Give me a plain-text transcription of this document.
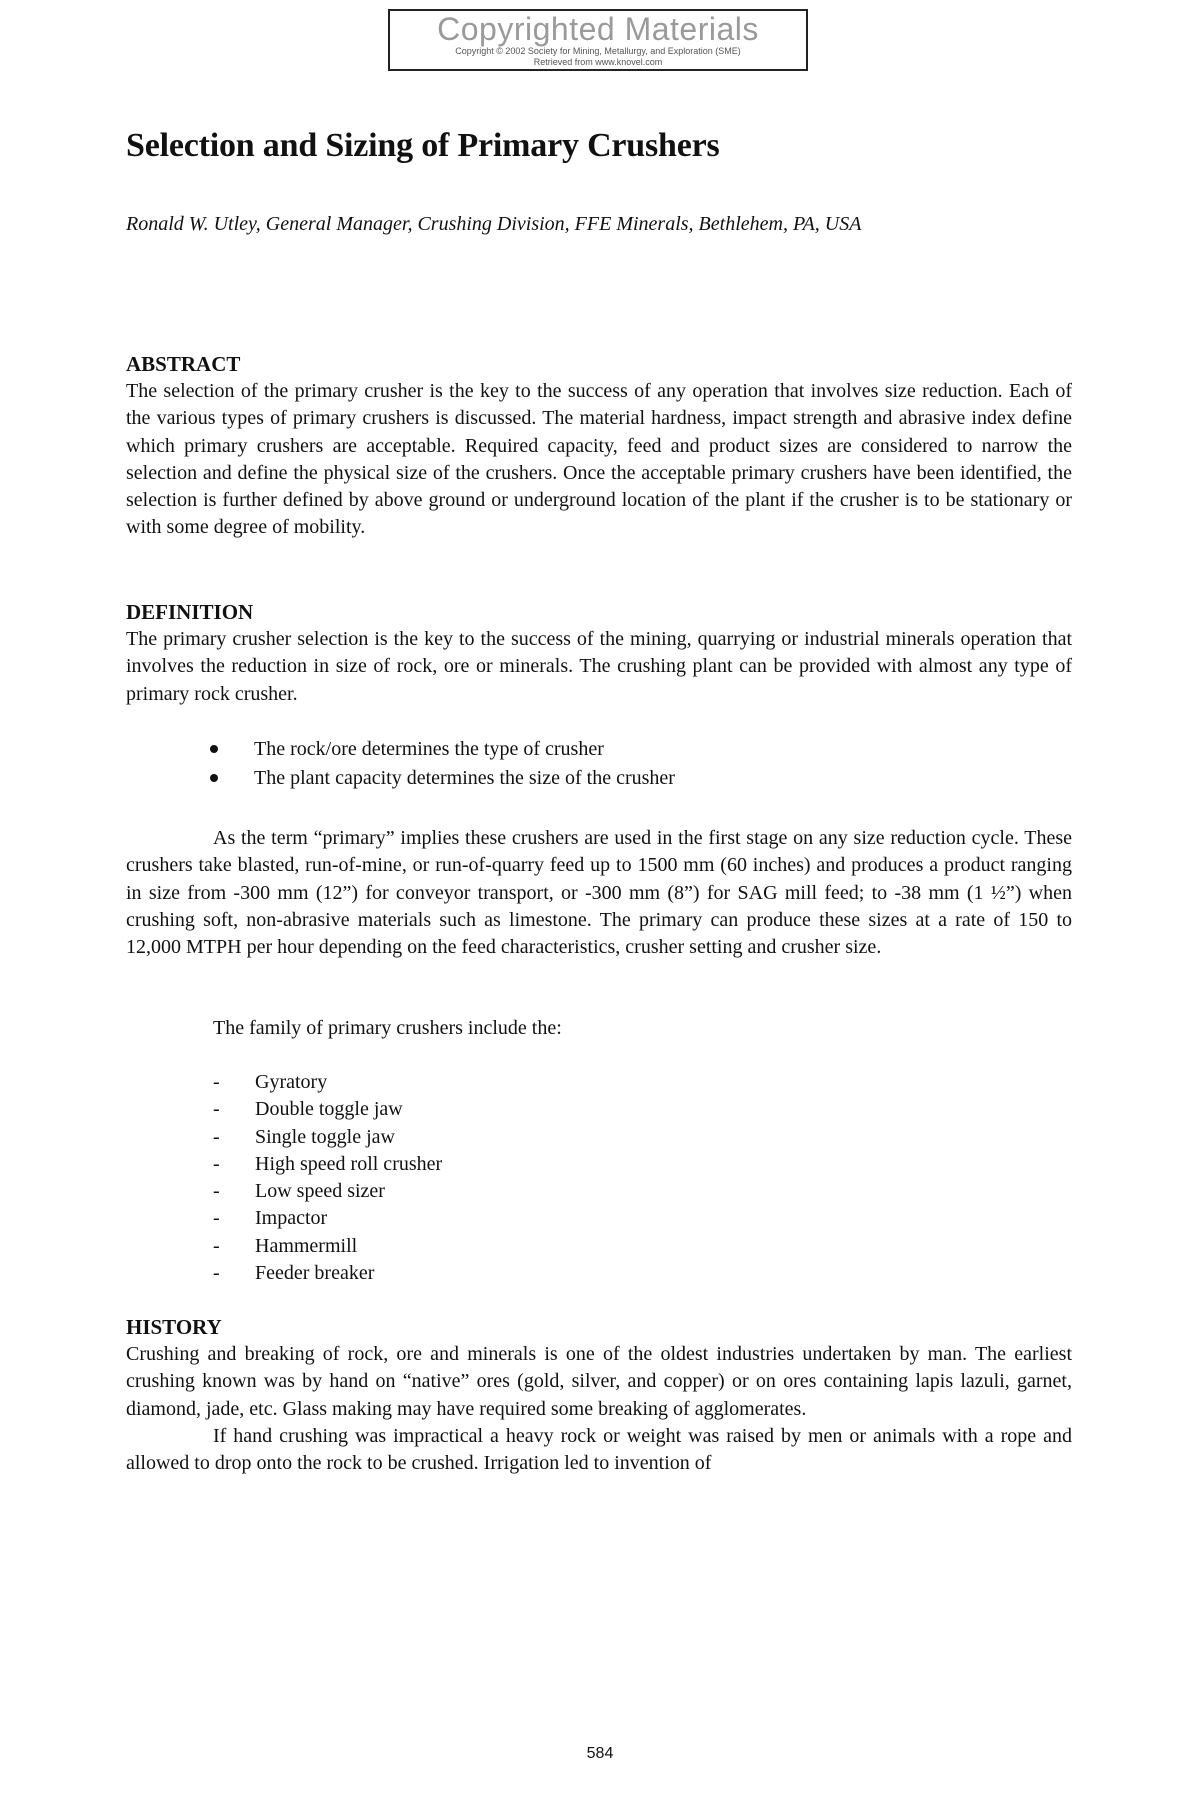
Copyrighted Materials
Copyright © 2002 Society for Mining, Metallurgy, and Exploration (SME)
Retrieved from www.knovel.com
Selection and Sizing of Primary Crushers
Ronald W. Utley, General Manager, Crushing Division, FFE Minerals, Bethlehem, PA, USA
ABSTRACT

The selection of the primary crusher is the key to the success of any operation that involves size reduction. Each of the various types of primary crushers is discussed. The material hardness, impact strength and abrasive index define which primary crushers are acceptable. Required capacity, feed and product sizes are considered to narrow the selection and define the physical size of the crushers. Once the acceptable primary crushers have been identified, the selection is further defined by above ground or underground location of the plant if the crusher is to be stationary or with some degree of mobility.

DEFINITION

The primary crusher selection is the key to the success of the mining, quarrying or industrial minerals operation that involves the reduction in size of rock, ore or minerals. The crushing plant can be provided with almost any type of primary rock crusher.

The rock/ore determines the type of crusher
The plant capacity determines the size of the crusher

As the term “primary” implies these crushers are used in the first stage on any size reduction cycle. These crushers take blasted, run-of-mine, or run-of-quarry feed up to 1500 mm (60 inches) and produces a product ranging in size from -300 mm (12”) for conveyor transport, or -300 mm (8”) for SAG mill feed; to -38 mm (1 ½”) when crushing soft, non-abrasive materials such as limestone. The primary can produce these sizes at a rate of 150 to 12,000 MTPH per hour depending on the feed characteristics, crusher setting and crusher size.

The family of primary crushers include the:
- Gyratory
- Double toggle jaw
- Single toggle jaw
- High speed roll crusher
- Low speed sizer
- Impactor
- Hammermill
- Feeder breaker
HISTORY

Crushing and breaking of rock, ore and minerals is one of the oldest industries undertaken by man. The earliest crushing known was by hand on “native” ores (gold, silver, and copper) or on ores containing lapis lazuli, garnet, diamond, jade, etc. Glass making may have required some breaking of agglomerates.

If hand crushing was impractical a heavy rock or weight was raised by men or animals with a rope and allowed to drop onto the rock to be crushed. Irrigation led to invention of

584
